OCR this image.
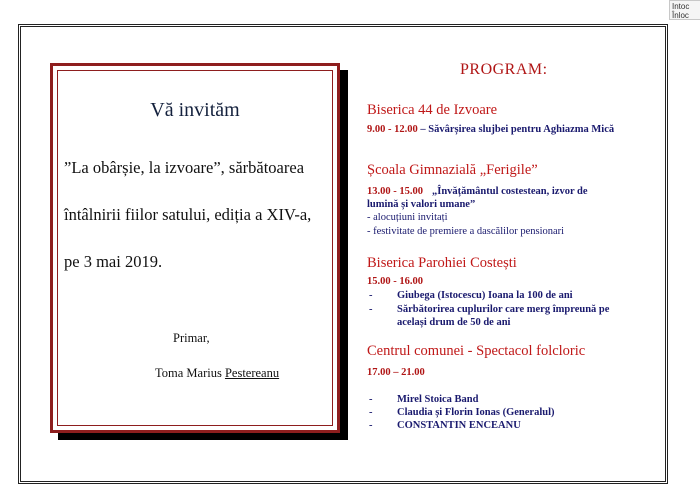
Intoc
Înloc
Vă invităm
”La obârșie, la izvoare”, sărbătoarea
întâlnirii fiilor satului, ediția a XIV-a,
pe 3 mai 2019.
Primar,
Toma Marius Pestereanu
PROGRAM:
Biserica 44 de Izvoare
9.00 - 12.00 – Săvârșirea slujbei pentru Aghiazma Mică
Școala Gimnazială „Ferigile”
13.00 - 15.00 „Învățământul costestean, izvor de
lumină și valori umane”
- alocuțiuni invitați
- festivitate de premiere a dascălilor pensionari
Biserica Parohiei Costești
15.00 - 16.00
- Giubega (Istocescu) Ioana la 100 de ani
- Sărbătorirea cuplurilor care merg împreună pe
același drum de 50 de ani
Centrul comunei - Spectacol folcloric
17.00 – 21.00
- Mirel Stoica Band
- Claudia și Florin Ionas (Generalul)
- CONSTANTIN ENCEANU
